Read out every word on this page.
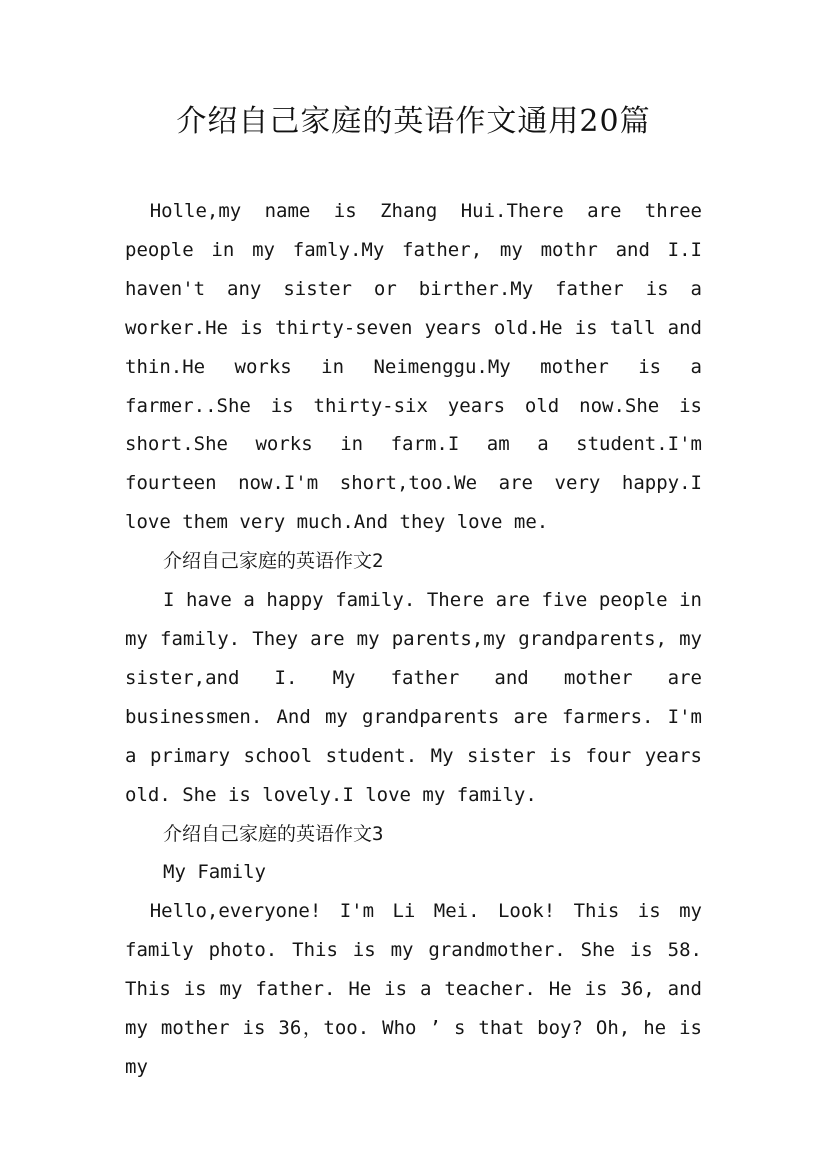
介绍自己家庭的英语作文通用20篇

Holle,my name is Zhang Hui.There are three people in my famly.My father, my mothr and I.I haven't any sister or birther.My father is a worker.He is thirty-seven years old.He is tall and thin.He works in Neimenggu.My mother is a farmer..She is thirty-six years old now.She is short.She works in farm.I am a student.I'm fourteen now.I'm short,too.We are very happy.I love them very much.And they love me.

介绍自己家庭的英语作文2

I have a happy family. There are five people in my family. They are my parents,my grandparents, my sister,and I. My father and mother are businessmen. And my grandparents are farmers. I'm a primary school student. My sister is four years old. She is lovely.I love my family.

介绍自己家庭的英语作文3

My Family

Hello,everyone! I'm Li Mei. Look! This is my family photo. This is my grandmother. She is 58. This is my father. He is a teacher. He is 36, and my mother is 36，too. Who ’ s that boy? Oh, he is my
